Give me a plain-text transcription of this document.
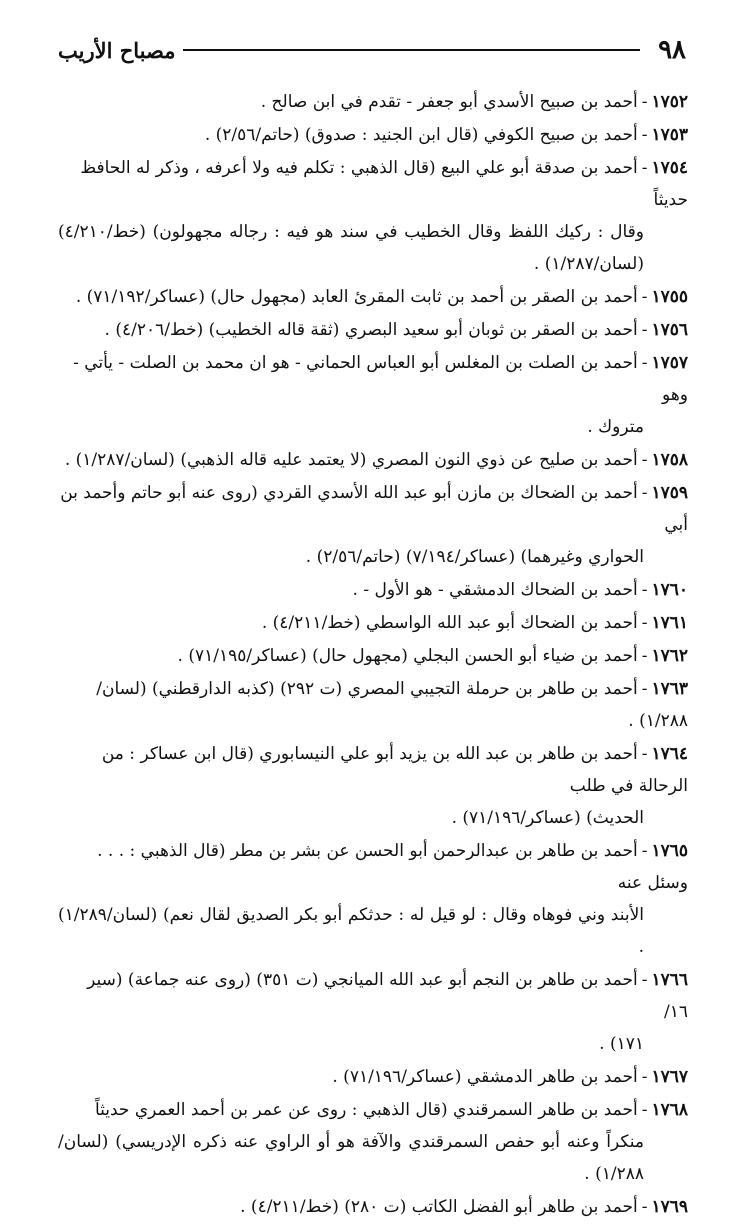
٩٨
مصباح الأريب
١٧٥٢-أحمد بن صبيح الأسدي أبو جعفر - تقدم في ابن صالح .
١٧٥٣-أحمد بن صبيح الكوفي (قال ابن الجنيد : صدوق) (حاتم/٢/٥٦) .
١٧٥٤-أحمد بن صدقة أبو علي البيع (قال الذهبي : تكلم فيه ولا أعرفه ، وذكر له الحافظ حديثاً
وقال : ركيك اللفظ وقال الخطيب في سند هو فيه : رجاله مجهولون) (خط/٤/٢١٠) (لسان/١/٢٨٧) .
١٧٥٥-أحمد بن الصقر بن أحمد بن ثابت المقرئ العابد (مجهول حال) (عساكر/٧١/١٩٢) .
١٧٥٦-أحمد بن الصقر بن ثوبان أبو سعيد البصري (ثقة قاله الخطيب) (خط/٤/٢٠٦) .
١٧٥٧-أحمد بن الصلت بن المغلس أبو العباس الحماني - هو ان محمد بن الصلت - يأتي - وهو
متروك .
١٧٥٨-أحمد بن صليح عن ذوي النون المصري (لا يعتمد عليه قاله الذهبي) (لسان/١/٢٨٧) .
١٧٥٩-أحمد بن الضحاك بن مازن أبو عبد الله الأسدي القردي (روى عنه أبو حاتم وأحمد بن أبي
الحواري وغيرهما) (عساكر/٧/١٩٤) (حاتم/٢/٥٦) .
١٧٦٠-أحمد بن الضحاك الدمشقي - هو الأول - .
١٧٦١-أحمد بن الضحاك أبو عبد الله الواسطي (خط/٤/٢١١) .
١٧٦٢-أحمد بن ضياء أبو الحسن البجلي (مجهول حال) (عساكر/٧١/١٩٥) .
١٧٦٣-أحمد بن طاهر بن حرملة التجيبي المصري (ت ٢٩٢) (كذبه الدارقطني) (لسان/١/٢٨٨) .
١٧٦٤-أحمد بن طاهر بن عبد الله بن يزيد أبو علي النيسابوري (قال ابن عساكر : من الرحالة في طلب
الحديث) (عساكر/٧١/١٩٦) .
١٧٦٥-أحمد بن طاهر بن عبدالرحمن أبو الحسن عن بشر بن مطر (قال الذهبي : . . . وسئل عنه
الأبند وني فوهاه وقال : لو قيل له : حدثكم أبو بكر الصديق لقال نعم) (لسان/١/٢٨٩) .
١٧٦٦-أحمد بن طاهر بن النجم أبو عبد الله الميانجي (ت ٣٥١) (روى عنه جماعة) (سير ١٦/
١٧١) .
١٧٦٧-أحمد بن طاهر الدمشقي (عساكر/٧١/١٩٦) .
١٧٦٨-أحمد بن طاهر السمرقندي (قال الذهبي : روى عن عمر بن أحمد العمري حديثاً
منكراً وعنه أبو حفص السمرقندي والآفة هو أو الراوي عنه ذكره الإدريسي) (لسان/١/٢٨٨) .
١٧٦٩-أحمد بن طاهر أبو الفضل الكاتب (ت ٢٨٠) (خط/٤/٢١١) .
